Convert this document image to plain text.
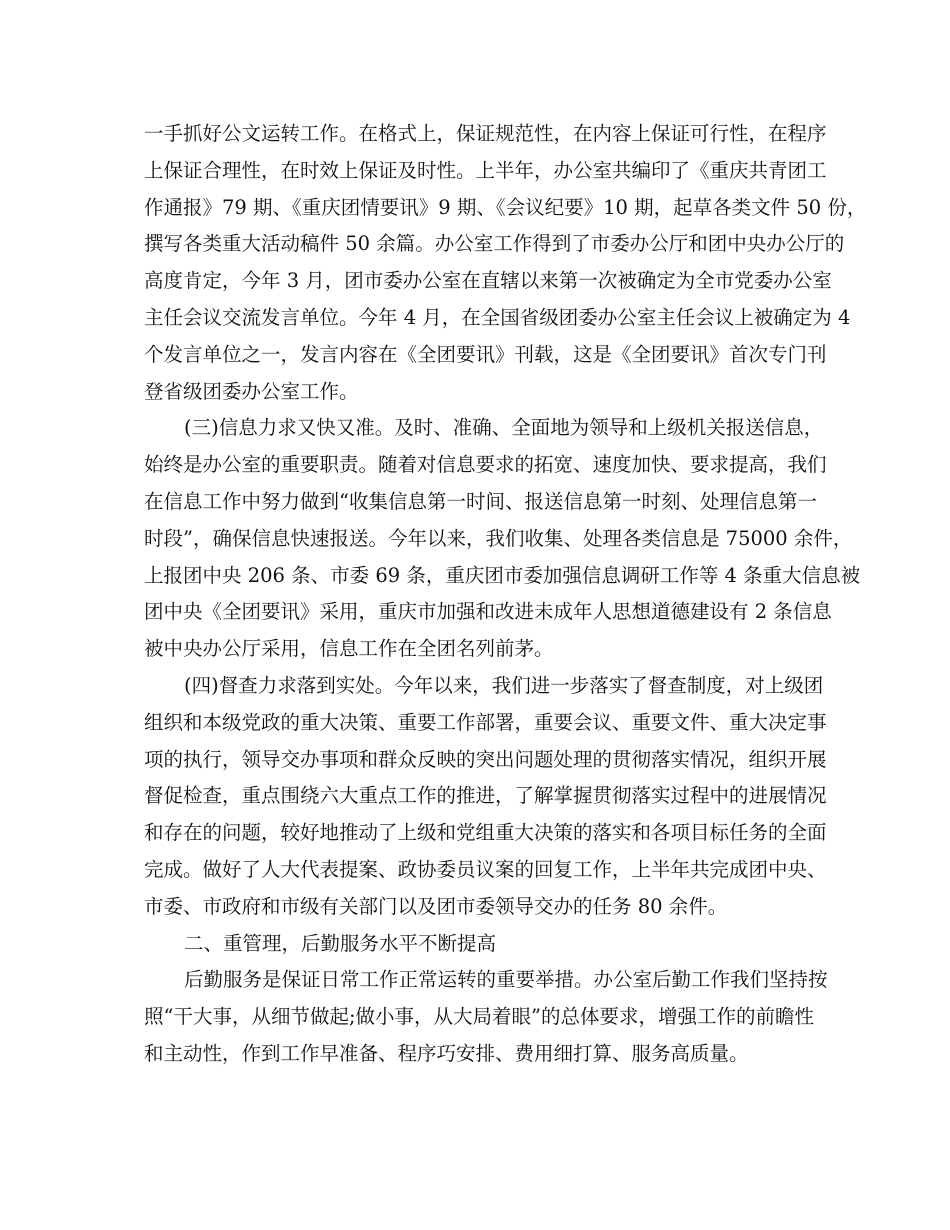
一手抓好公文运转工作。在格式上，保证规范性，在内容上保证可行性，在程序

上保证合理性，在时效上保证及时性。上半年，办公室共编印了《重庆共青团工

作通报》79 期、《重庆团情要讯》9 期、《会议纪要》10 期，起草各类文件 50 份，

撰写各类重大活动稿件 50 余篇。办公室工作得到了市委办公厅和团中央办公厅的

高度肯定，今年 3 月，团市委办公室在直辖以来第一次被确定为全市党委办公室

主任会议交流发言单位。今年 4 月，在全国省级团委办公室主任会议上被确定为 4

个发言单位之一，发言内容在《全团要讯》刊载，这是《全团要讯》首次专门刊

登省级团委办公室工作。

(三)信息力求又快又准。及时、准确、全面地为领导和上级机关报送信息，

始终是办公室的重要职责。随着对信息要求的拓宽、速度加快、要求提高，我们

在信息工作中努力做到“收集信息第一时间、报送信息第一时刻、处理信息第一

时段”，确保信息快速报送。今年以来，我们收集、处理各类信息是 75000 余件，

上报团中央 206 条、市委 69 条，重庆团市委加强信息调研工作等 4 条重大信息被

团中央《全团要讯》采用，重庆市加强和改进未成年人思想道德建设有 2 条信息

被中央办公厅采用，信息工作在全团名列前茅。

(四)督查力求落到实处。今年以来，我们进一步落实了督查制度，对上级团

组织和本级党政的重大决策、重要工作部署，重要会议、重要文件、重大决定事

项的执行，领导交办事项和群众反映的突出问题处理的贯彻落实情况，组织开展

督促检查，重点围绕六大重点工作的推进，了解掌握贯彻落实过程中的进展情况

和存在的问题，较好地推动了上级和党组重大决策的落实和各项目标任务的全面

完成。做好了人大代表提案、政协委员议案的回复工作，上半年共完成团中央、

市委、市政府和市级有关部门以及团市委领导交办的任务 80 余件。

二、重管理，后勤服务水平不断提高

后勤服务是保证日常工作正常运转的重要举措。办公室后勤工作我们坚持按

照“干大事，从细节做起;做小事，从大局着眼”的总体要求，增强工作的前瞻性

和主动性，作到工作早准备、程序巧安排、费用细打算、服务高质量。
